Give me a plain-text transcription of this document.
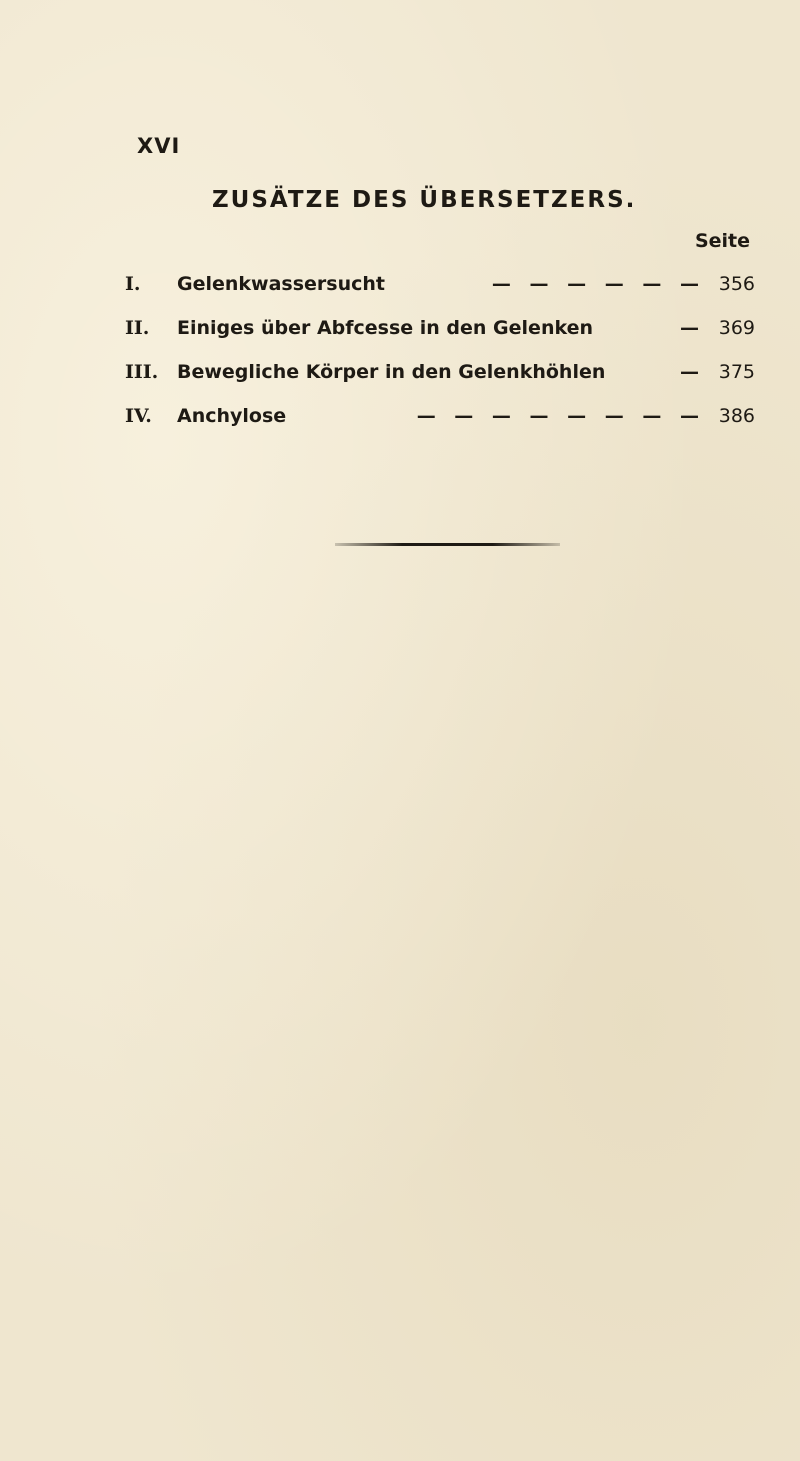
XVI
ZUSÄTZE DES ÜBERSETZERS.
Seite
I.	Gelenkwassersucht	— — — — — — 356
II.	Einiges über Abfcesse in den Gelenken	— 369
III. Bewegliche Körper in den Gelenkhöhlen	— 375
IV.	Anchylose	— — — — — — — — 386
